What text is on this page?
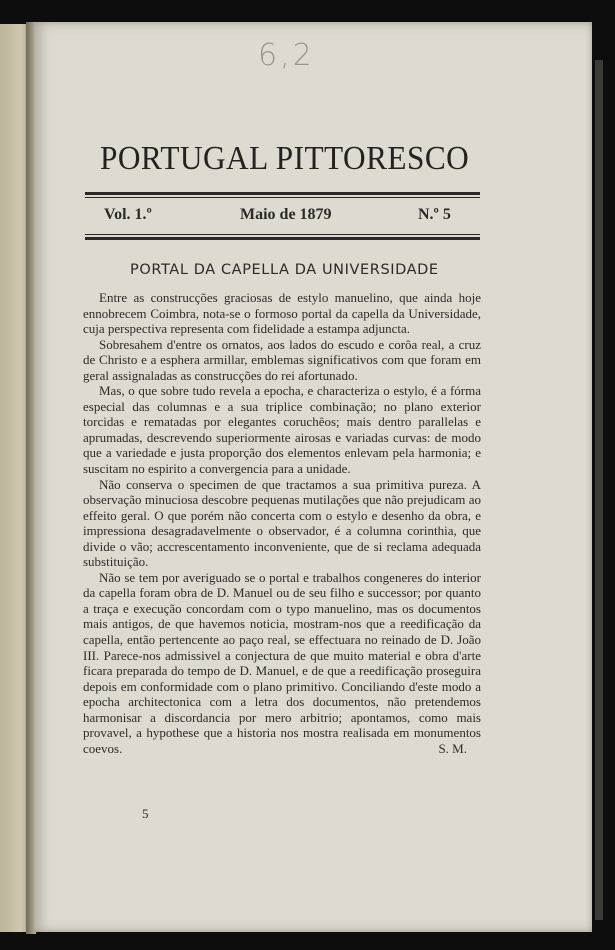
6,2
PORTUGAL PITTORESCO
Vol. 1.º	Maio de 1879	N.º 5
PORTAL DA CAPELLA DA UNIVERSIDADE

Entre as construcções graciosas de estylo manuelino, que ainda hoje ennobrecem Coimbra, nota-se o formoso portal da capella da Universidade, cuja perspectiva representa com fidelidade a estampa adjuncta.

Sobresahem d'entre os ornatos, aos lados do escudo e corôa real, a cruz de Christo e a esphera armillar, emblemas significativos com que foram em geral assignaladas as construcções do rei afortunado.

Mas, o que sobre tudo revela a epocha, e characteriza o estylo, é a fórma especial das columnas e a sua triplice combinação; no plano exterior torcidas e rematadas por elegantes coruchêos; mais dentro parallelas e aprumadas, descrevendo superiormente airosas e variadas curvas: de modo que a variedade e justa proporção dos elementos enlevam pela harmonia; e suscitam no espirito a convergencia para a unidade.

Não conserva o specimen de que tractamos a sua primitiva pureza. A observação minuciosa descobre pequenas mutilações que não prejudicam ao effeito geral. O que porém não concerta com o estylo e desenho da obra, e impressiona desagradavelmente o observador, é a columna corinthia, que divide o vão; accrescentamento inconveniente, que de si reclama adequada substituição.

Não se tem por averiguado se o portal e trabalhos congeneres do interior da capella foram obra de D. Manuel ou de seu filho e successor; por quanto a traça e execução concordam com o typo manuelino, mas os documentos mais antigos, de que havemos noticia, mostram-nos que a reedificação da capella, então pertencente ao paço real, se effectuara no reinado de D. João III. Parece-nos admissivel a conjectura de que muito material e obra d'arte ficara preparada do tempo de D. Manuel, e de que a reedificação proseguira depois em conformidade com o plano primitivo. Conciliando d'este modo a epocha architectonica com a letra dos documentos, não pretendemos harmonisar a discordancia por mero arbitrio; apontamos, como mais provavel, a hypothese que a historia nos mostra realisada em monumentos coevos.	S. M.

5
